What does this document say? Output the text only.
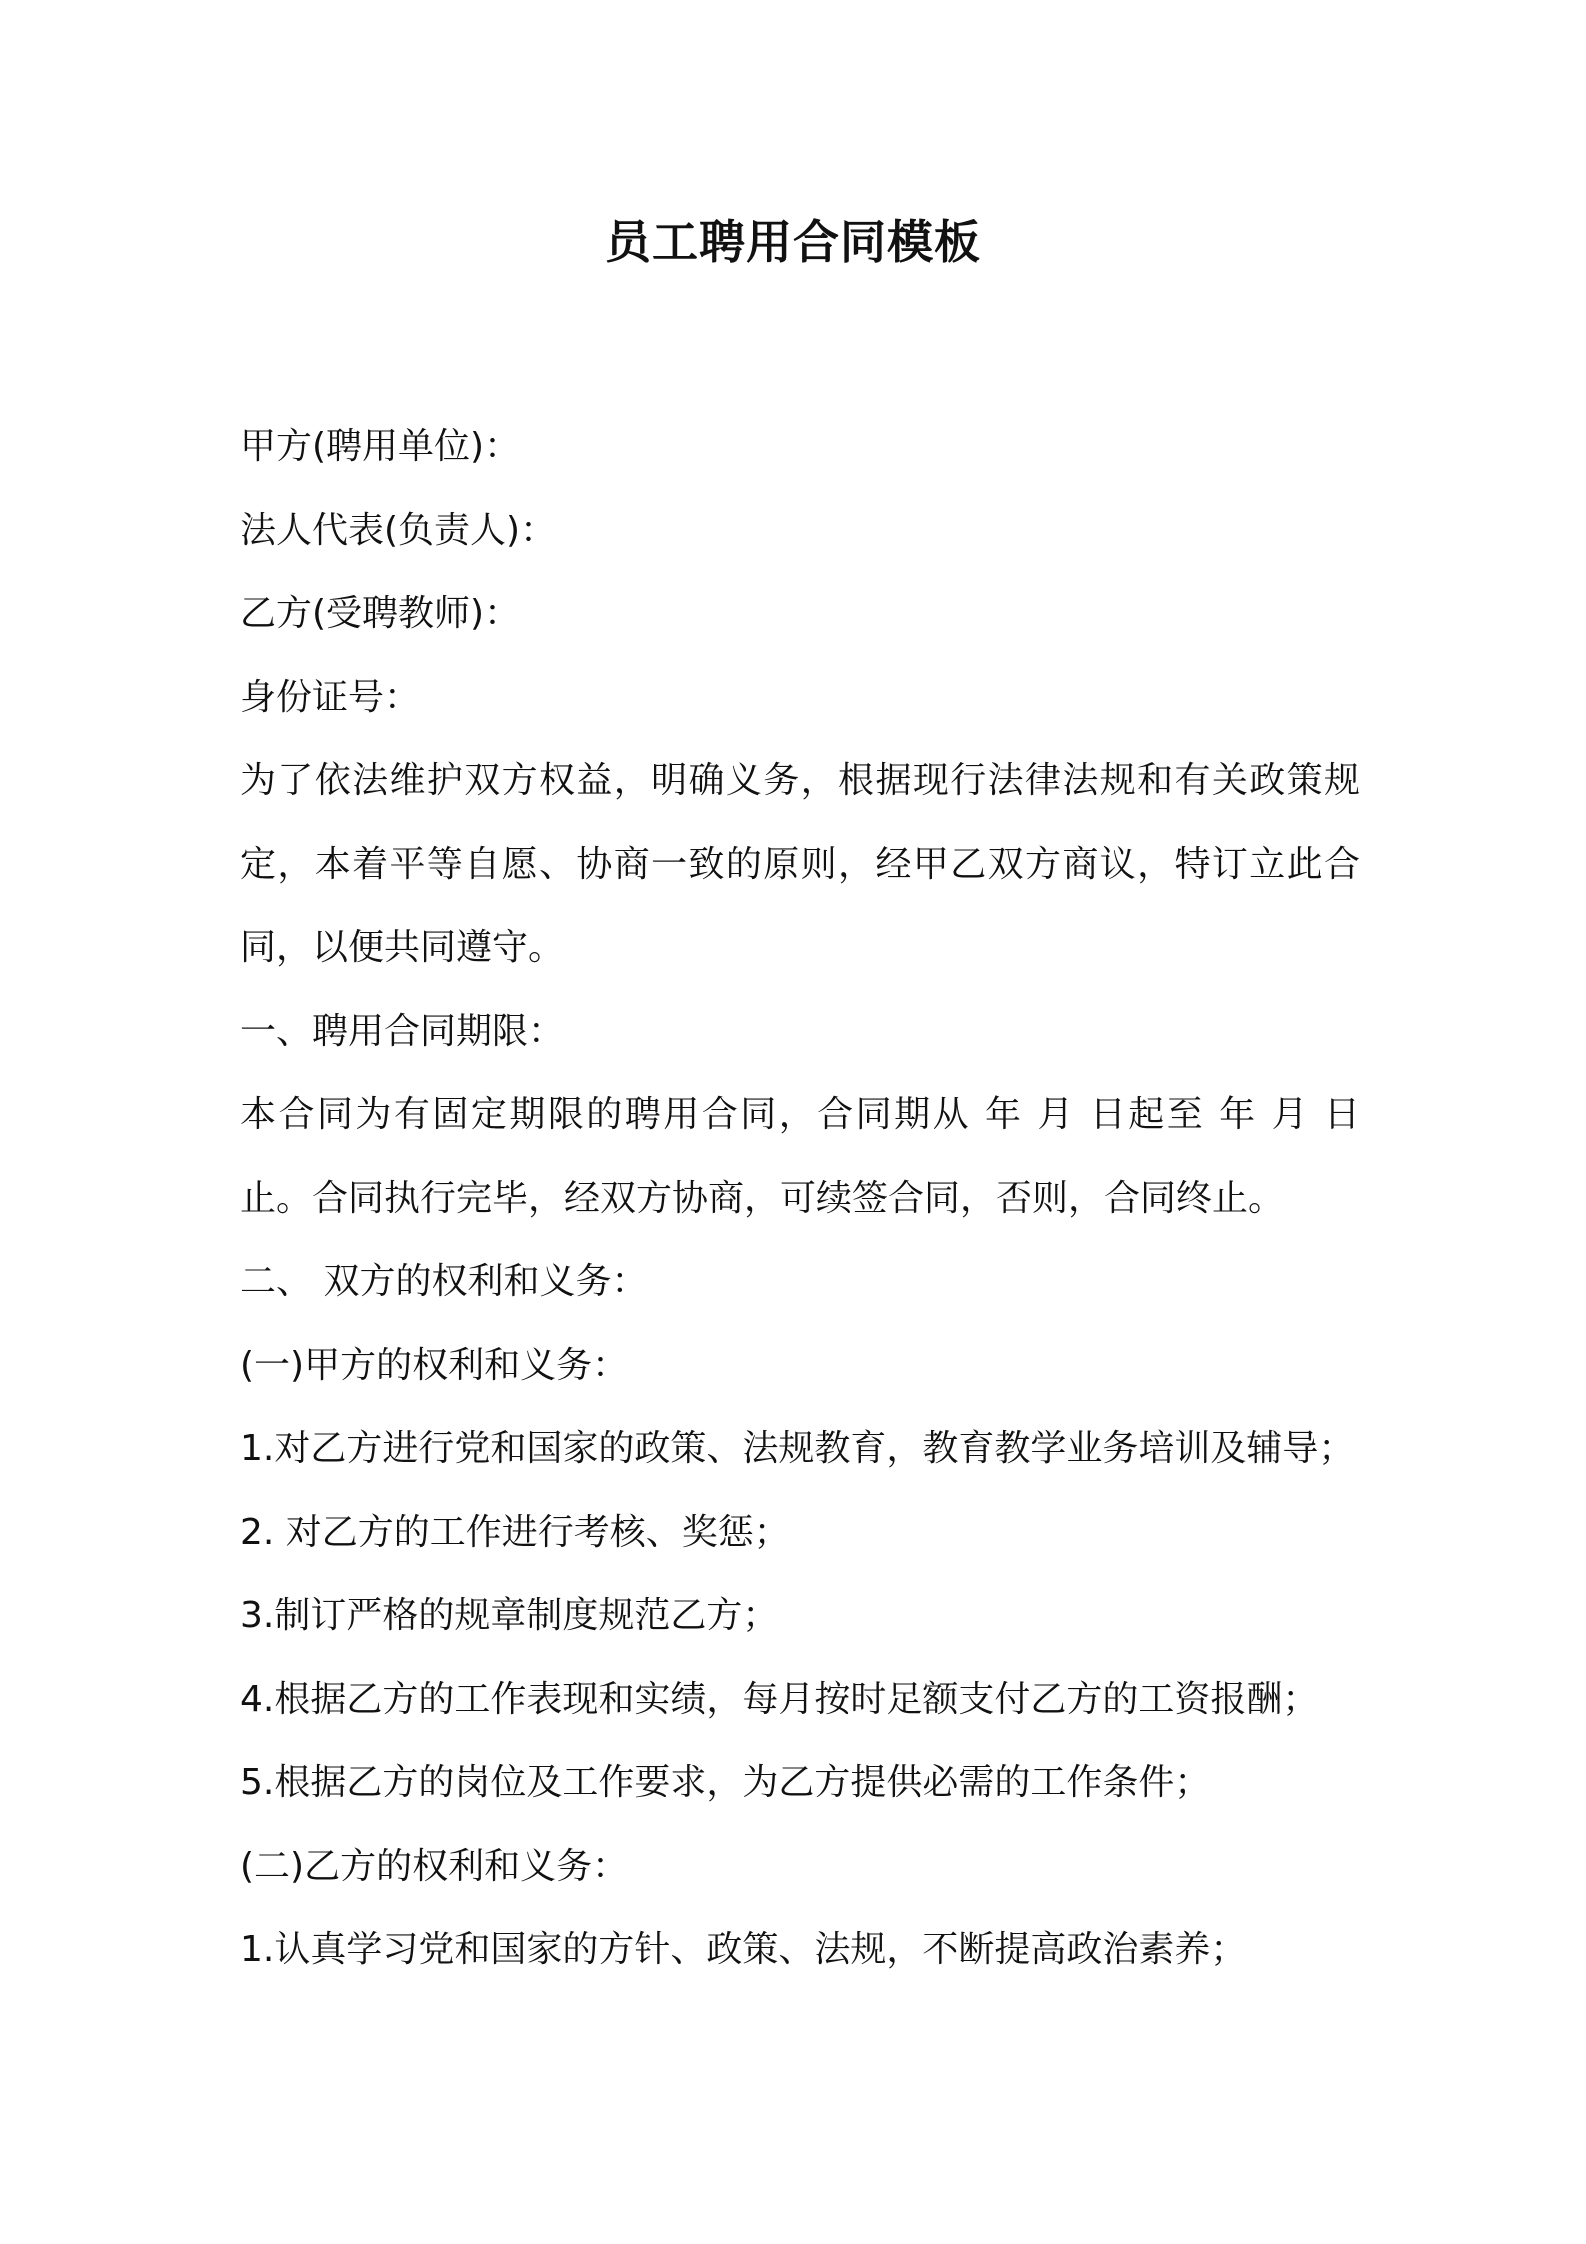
员工聘用合同模板
甲方(聘用单位)：
法人代表(负责人)：
乙方(受聘教师)：
身份证号：
为了依法维护双方权益，明确义务，根据现行法律法规和有关政策规
定，本着平等自愿、协商一致的原则，经甲乙双方商议，特订立此合
同，以便共同遵守。
一、聘用合同期限：
本合同为有固定期限的聘用合同，合同期从 年 月 日起至 年 月 日
止。合同执行完毕，经双方协商，可续签合同，否则，合同终止。
二、 双方的权利和义务：
(一)甲方的权利和义务：
1.对乙方进行党和国家的政策、法规教育，教育教学业务培训及辅导；
2. 对乙方的工作进行考核、奖惩；
3.制订严格的规章制度规范乙方；
4.根据乙方的工作表现和实绩，每月按时足额支付乙方的工资报酬；
5.根据乙方的岗位及工作要求，为乙方提供必需的工作条件；
(二)乙方的权利和义务：
1.认真学习党和国家的方针、政策、法规，不断提高政治素养；
